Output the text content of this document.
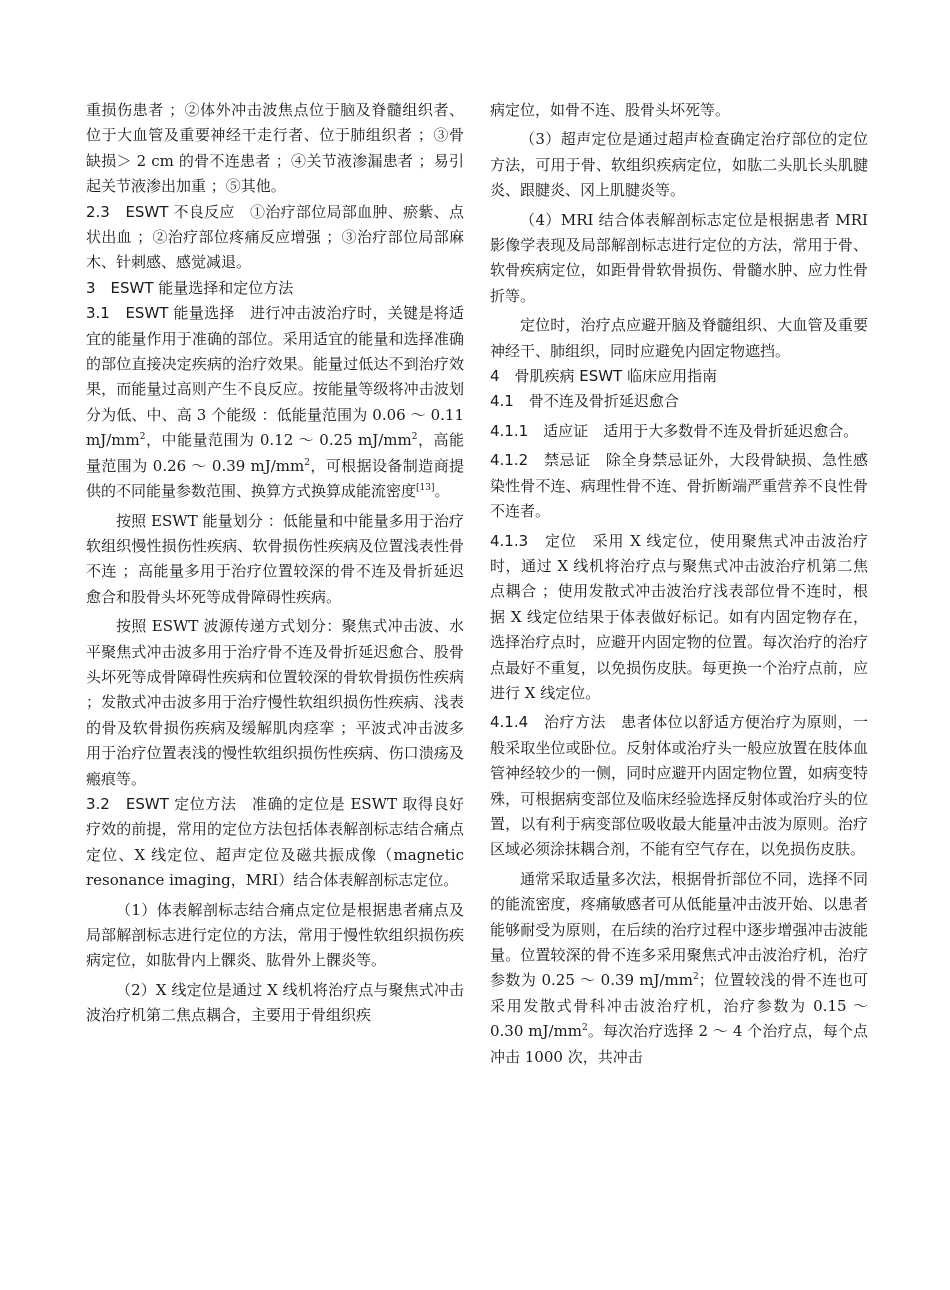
重损伤患者 ；②体外冲击波焦点位于脑及脊髓组织者、位于大血管及重要神经干走行者、位于肺组织者 ；③骨缺损＞ 2 cm 的骨不连患者 ；④关节液渗漏患者 ；易引起关节液渗出加重 ；⑤其他。

2.3　ESWT 不良反应　 ①治疗部位局部血肿、瘀紫、点状出血 ；②治疗部位疼痛反应增强 ；③治疗部位局部麻木、针刺感、感觉减退。

3　ESWT 能量选择和定位方法

3.1　ESWT 能量选择　 进行冲击波治疗时，关键是将适宜的能量作用于准确的部位。采用适宜的能量和选择准确的部位直接决定疾病的治疗效果。能量过低达不到治疗效果，而能量过高则产生不良反应。按能量等级将冲击波划分为低、中、高 3 个能级 ：低能量范围为 0.06 ～ 0.11 $mJ/mm^2$，中能量范围为 0.12 ～ 0.25 $mJ/mm^2$，高能量范围为 0.26 ～ 0.39 $mJ/mm^2$，可根据设备制造商提供的不同能量参数范围、换算方式换算成能流密度[13]。

按照 ESWT 能量划分 ：低能量和中能量多用于治疗软组织慢性损伤性疾病、软骨损伤性疾病及位置浅表性骨不连 ；高能量多用于治疗位置较深的骨不连及骨折延迟愈合和股骨头坏死等成骨障碍性疾病。

按照 ESWT 波源传递方式划分：聚焦式冲击波、水平聚焦式冲击波多用于治疗骨不连及骨折延迟愈合、股骨头坏死等成骨障碍性疾病和位置较深的骨软骨损伤性疾病 ；发散式冲击波多用于治疗慢性软组织损伤性疾病、浅表的骨及软骨损伤疾病及缓解肌肉痉挛 ；平波式冲击波多用于治疗位置表浅的慢性软组织损伤性疾病、伤口溃疡及瘢痕等。

3.2　ESWT 定位方法　 准确的定位是 ESWT 取得良好疗效的前提，常用的定位方法包括体表解剖标志结合痛点定位、X 线定位、超声定位及磁共振成像（magnetic resonance imaging，MRI）结合体表解剖标志定位。

（1）体表解剖标志结合痛点定位是根据患者痛点及局部解剖标志进行定位的方法，常用于慢性软组织损伤疾病定位，如肱骨内上髁炎、肱骨外上髁炎等。

（2）X 线定位是通过 X 线机将治疗点与聚焦式冲击波治疗机第二焦点耦合，主要用于骨组织疾

病定位，如骨不连、股骨头坏死等。

（3）超声定位是通过超声检查确定治疗部位的定位方法，可用于骨、软组织疾病定位，如肱二头肌长头肌腱炎、跟腱炎、冈上肌腱炎等。

（4）MRI 结合体表解剖标志定位是根据患者 MRI 影像学表现及局部解剖标志进行定位的方法，常用于骨、软骨疾病定位，如距骨骨软骨损伤、骨髓水肿、应力性骨折等。

定位时，治疗点应避开脑及脊髓组织、大血管及重要神经干、肺组织，同时应避免内固定物遮挡。

4　骨肌疾病 ESWT 临床应用指南

4.1　骨不连及骨折延迟愈合

4.1.1　适应证　 适用于大多数骨不连及骨折延迟愈合。

4.1.2　禁忌证　 除全身禁忌证外，大段骨缺损、急性感染性骨不连、病理性骨不连、骨折断端严重营养不良性骨不连者。

4.1.3　定位　 采用 X 线定位，使用聚焦式冲击波治疗时，通过 X 线机将治疗点与聚焦式冲击波治疗机第二焦点耦合 ；使用发散式冲击波治疗浅表部位骨不连时，根据 X 线定位结果于体表做好标记。如有内固定物存在，选择治疗点时，应避开内固定物的位置。每次治疗的治疗点最好不重复，以免损伤皮肤。每更换一个治疗点前，应进行 X 线定位。

4.1.4　治疗方法　 患者体位以舒适方便治疗为原则，一般采取坐位或卧位。反射体或治疗头一般应放置在肢体血管神经较少的一侧，同时应避开内固定物位置，如病变特殊，可根据病变部位及临床经验选择反射体或治疗头的位置，以有利于病变部位吸收最大能量冲击波为原则。治疗区域必须涂抹耦合剂，不能有空气存在，以免损伤皮肤。

通常采取适量多次法，根据骨折部位不同，选择不同的能流密度，疼痛敏感者可从低能量冲击波开始、以患者能够耐受为原则，在后续的治疗过程中逐步增强冲击波能量。位置较深的骨不连多采用聚焦式冲击波治疗机，治疗参数为 0.25 ～ 0.39 $mJ/mm^2$；位置较浅的骨不连也可采用发散式骨科冲击波治疗机，治疗参数为 0.15 ～ 0.30 $mJ/mm^2$。每次治疗选择 2 ～ 4 个治疗点，每个点冲击 1000 次，共冲击
